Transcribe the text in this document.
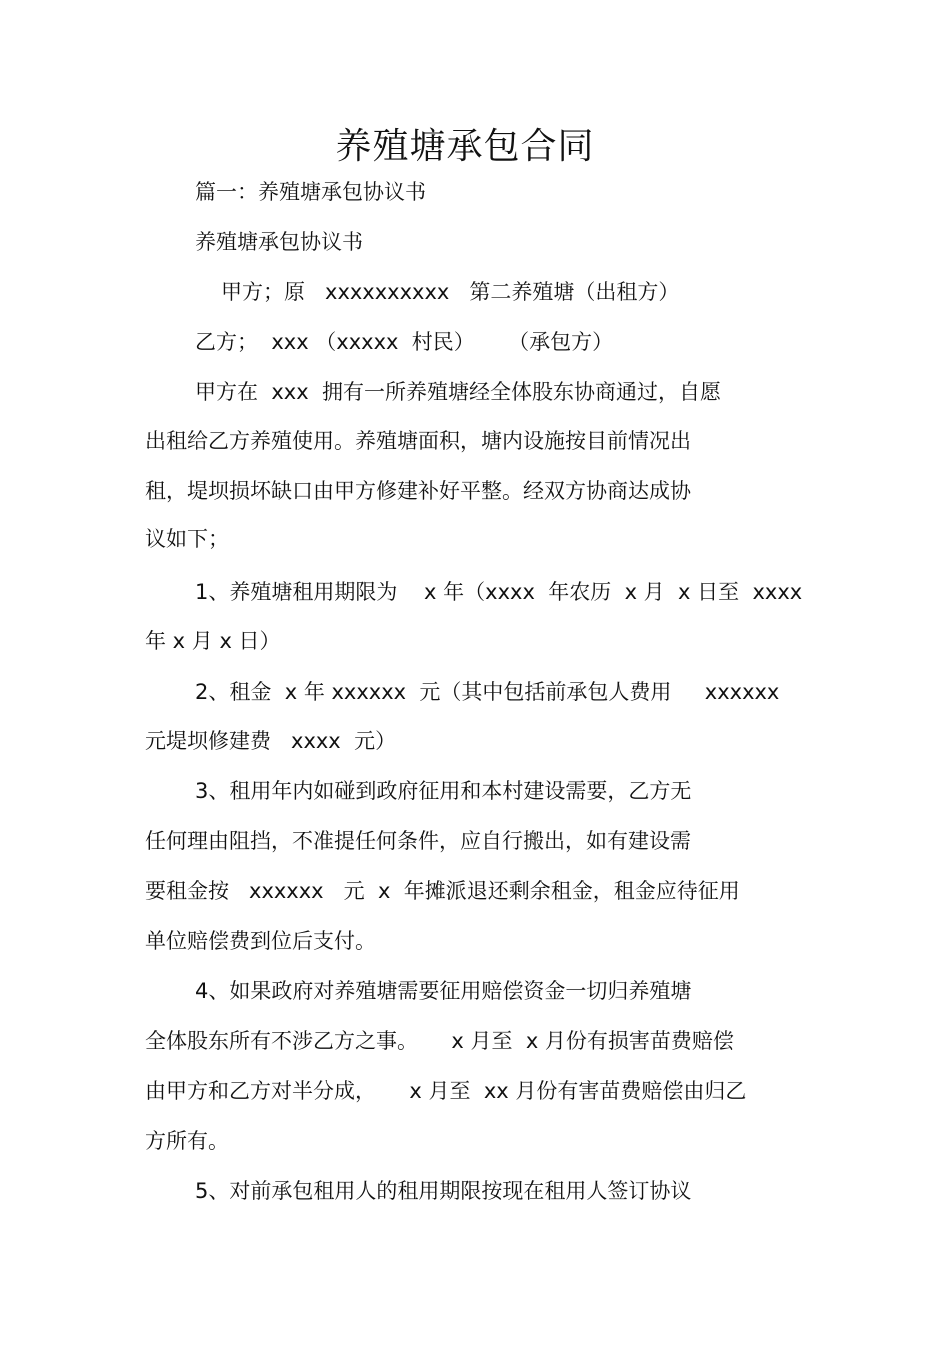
养殖塘承包合同
篇一：养殖塘承包协议书
养殖塘承包协议书
甲方；原   xxxxxxxxxx   第二养殖塘（出租方）
乙方；  xxx （xxxxx  村民）     （承包方）
甲方在  xxx  拥有一所养殖塘经全体股东协商通过，自愿
出租给乙方养殖使用。养殖塘面积，塘内设施按目前情况出
租，堤坝损坏缺口由甲方修建补好平整。经双方协商达成协
议如下；
1、养殖塘租用期限为    x 年（xxxx  年农历  x 月  x 日至  xxxx
年 x 月 x 日）
2、租金  x 年 xxxxxx  元（其中包括前承包人费用     xxxxxx
元堤坝修建费   xxxx  元）
3、租用年内如碰到政府征用和本村建设需要，乙方无
任何理由阻挡，不准提任何条件，应自行搬出，如有建设需
要租金按   xxxxxx   元  x  年摊派退还剩余租金，租金应待征用
单位赔偿费到位后支付。
4、如果政府对养殖塘需要征用赔偿资金一切归养殖塘
全体股东所有不涉乙方之事。     x 月至  x 月份有损害苗费赔偿
由甲方和乙方对半分成，     x 月至  xx 月份有害苗费赔偿由归乙
方所有。
5、对前承包租用人的租用期限按现在租用人签订协议
